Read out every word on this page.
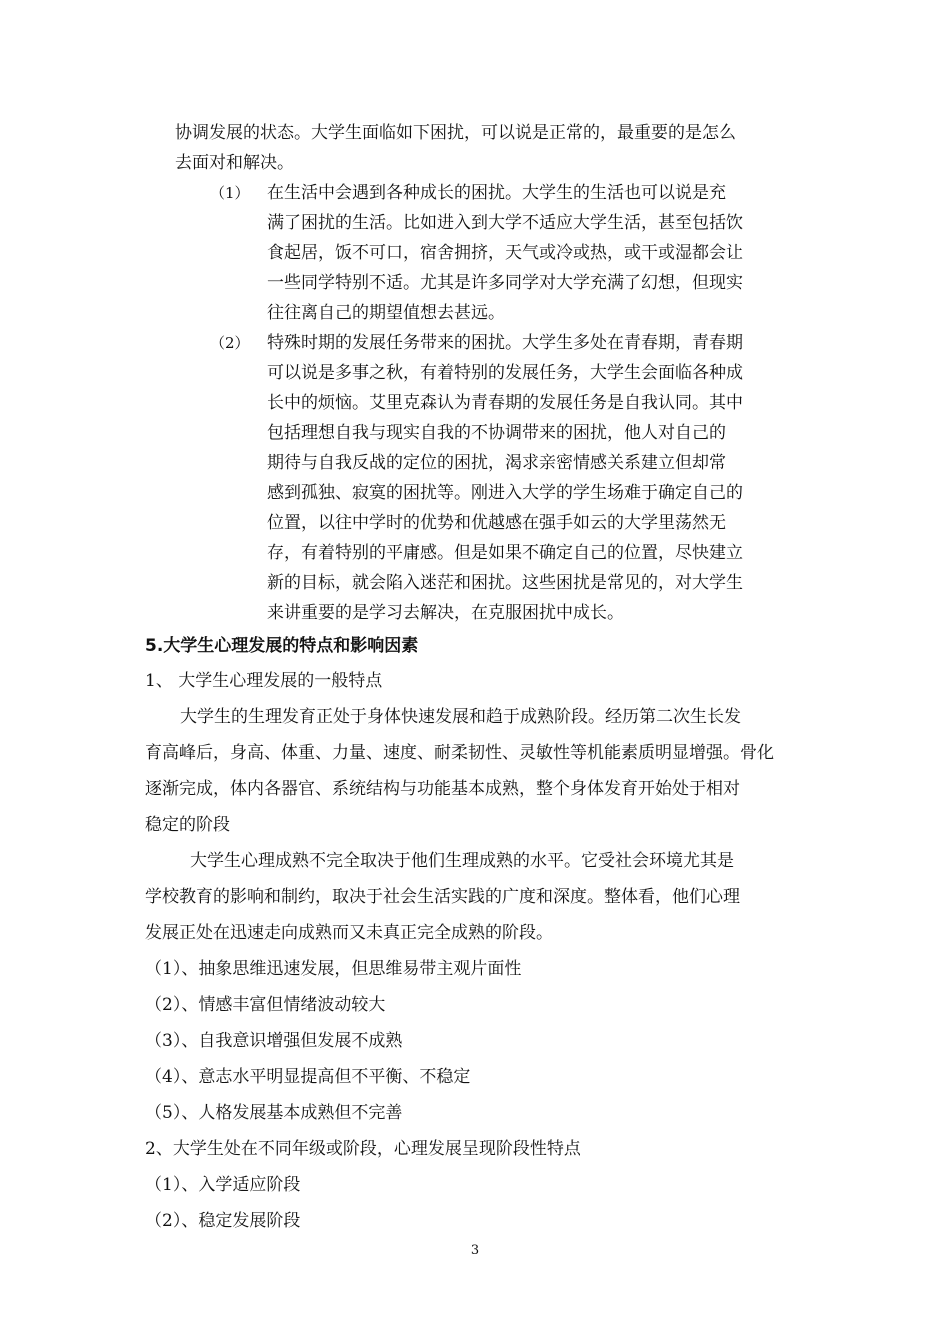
协调发展的状态。大学生面临如下困扰，可以说是正常的，最重要的是怎么
去面对和解决。
（1） 在生活中会遇到各种成长的困扰。大学生的生活也可以说是充
满了困扰的生活。比如进入到大学不适应大学生活，甚至包括饮
食起居，饭不可口，宿舍拥挤，天气或冷或热，或干或湿都会让
一些同学特别不适。尤其是许多同学对大学充满了幻想，但现实
往往离自己的期望值想去甚远。
（2） 特殊时期的发展任务带来的困扰。大学生多处在青春期，青春期
可以说是多事之秋，有着特别的发展任务，大学生会面临各种成
长中的烦恼。艾里克森认为青春期的发展任务是自我认同。其中
包括理想自我与现实自我的不协调带来的困扰，他人对自己的
期待与自我反战的定位的困扰，渴求亲密情感关系建立但却常
感到孤独、寂寞的困扰等。刚进入大学的学生场难于确定自己的
位置，以往中学时的优势和优越感在强手如云的大学里荡然无
存，有着特别的平庸感。但是如果不确定自己的位置，尽快建立
新的目标，就会陷入迷茫和困扰。这些困扰是常见的，对大学生
来讲重要的是学习去解决，在克服困扰中成长。
5.大学生心理发展的特点和影响因素
1、 大学生心理发展的一般特点
大学生的生理发育正处于身体快速发展和趋于成熟阶段。经历第二次生长发
育高峰后，身高、体重、力量、速度、耐柔韧性、灵敏性等机能素质明显增强。骨化
逐渐完成，体内各器官、系统结构与功能基本成熟，整个身体发育开始处于相对
稳定的阶段
大学生心理成熟不完全取决于他们生理成熟的水平。它受社会环境尤其是
学校教育的影响和制约，取决于社会生活实践的广度和深度。整体看，他们心理
发展正处在迅速走向成熟而又未真正完全成熟的阶段。
（1）、抽象思维迅速发展，但思维易带主观片面性
（2）、情感丰富但情绪波动较大
（3）、自我意识增强但发展不成熟
（4）、意志水平明显提高但不平衡、不稳定
（5）、人格发展基本成熟但不完善
2、大学生处在不同年级或阶段，心理发展呈现阶段性特点
（1）、入学适应阶段
（2）、稳定发展阶段
3
